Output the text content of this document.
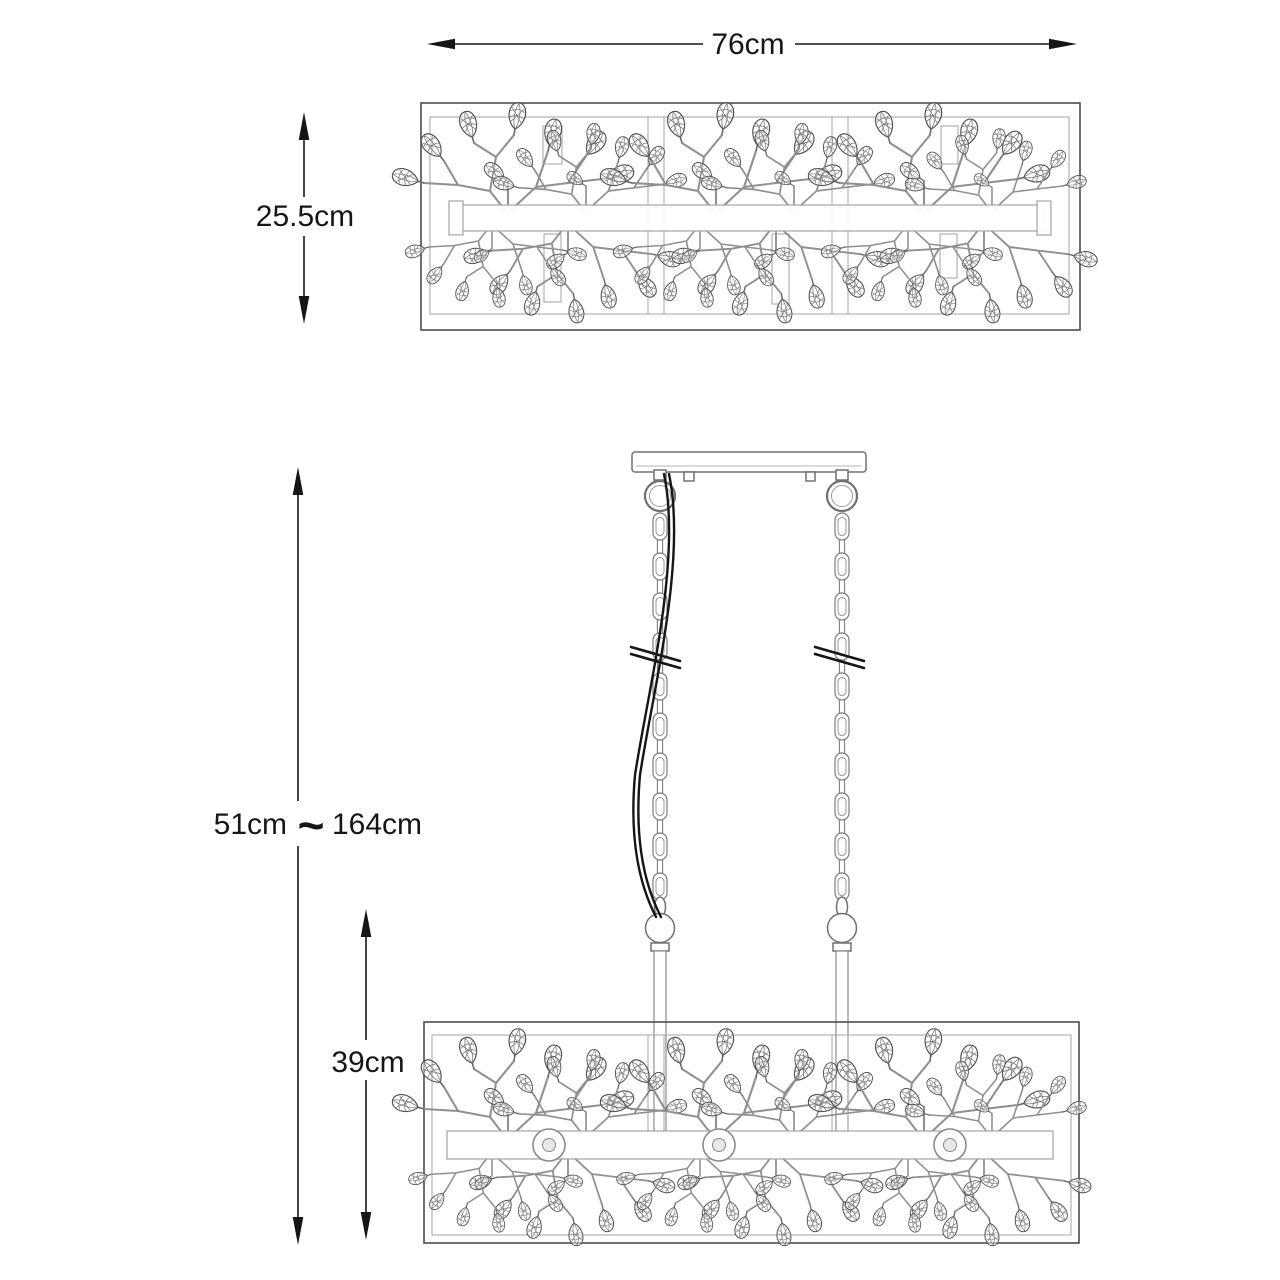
76cm
25.5cm
51cm ~ 164cm
39cm
